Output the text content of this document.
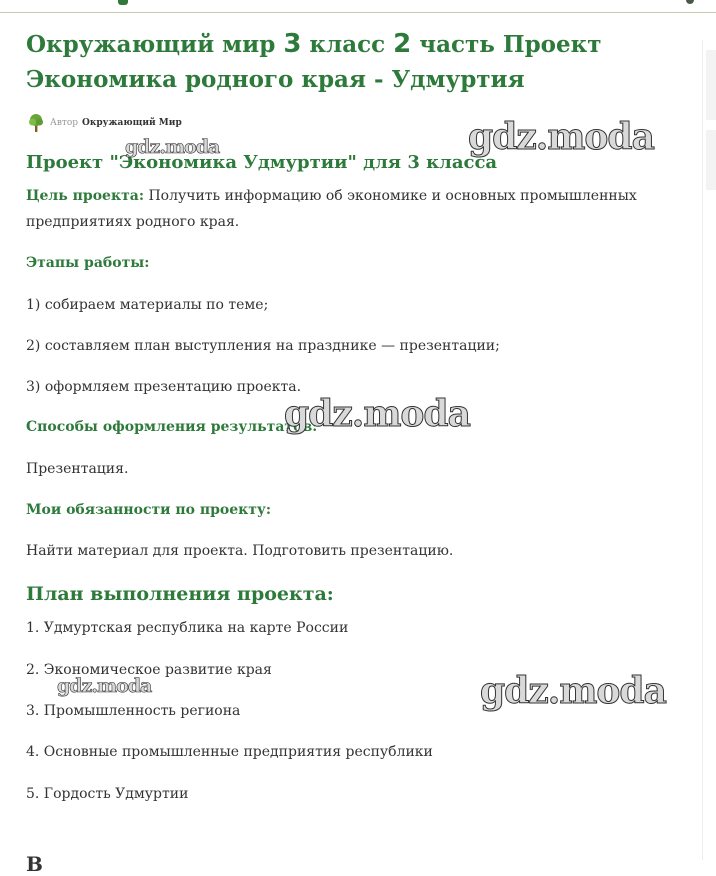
Окружающий мир 3 класс 2 часть Проект Экономика родного края - Удмуртия
Автор Окружающий Мир
Проект "Экономика Удмуртии" для 3 класса

Цель проекта: Получить информацию об экономике и основных промышленных предприятиях родного края.

Этапы работы:

1) собираем материалы по теме;

2) составляем план выступления на празднике — презентации;

3) оформляем презентацию проекта.

Способы оформления результатов:

Презентация.

Мои обязанности по проекту:

Найти материал для проекта. Подготовить презентацию.

План выполнения проекта:

1. Удмуртская республика на карте России

2. Экономическое развитие края

3. Промышленность региона

4. Основные промышленные предприятия республики

5. Гордость Удмуртии

В
gdz.moda
gdz.moda
gdz.moda
gdz.moda	gdz.moda
